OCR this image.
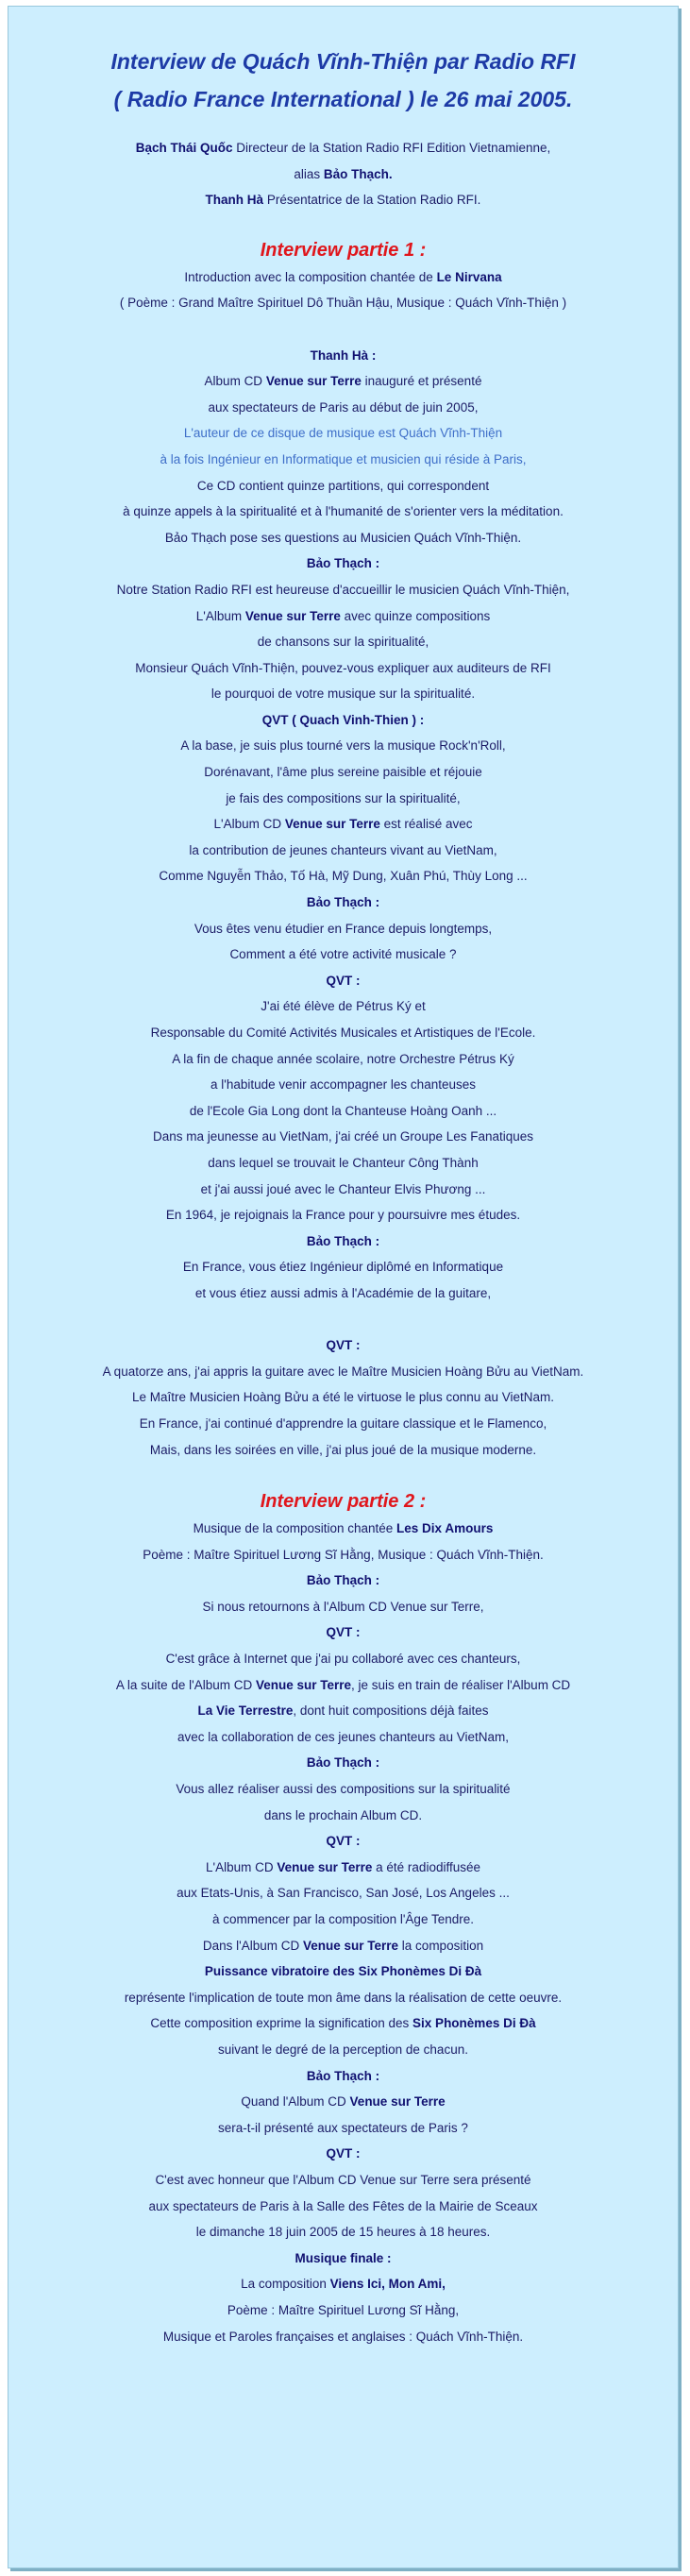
Interview de Quách Vĩnh-Thiện par Radio RFI
( Radio France International ) le 26 mai 2005.

Bạch Thái Quốc Directeur de la Station Radio RFI Edition Vietnamienne,

alias Bảo Thạch.

Thanh Hà Présentatrice de la Station Radio RFI.

Interview partie 1 :

Introduction avec la composition chantée de Le Nirvana

( Poème : Grand Maître Spirituel Dô Thuần Hậu, Musique : Quách Vĩnh-Thiện )

Thanh Hà :

Album CD Venue sur Terre inauguré et présenté

aux spectateurs de Paris au début de juin 2005,

L'auteur de ce disque de musique est Quách Vĩnh-Thiện

à la fois Ingénieur en Informatique et musicien qui réside à Paris,

Ce CD contient quinze partitions, qui correspondent

à quinze appels à la spiritualité et à l'humanité de s'orienter vers la méditation.

Bảo Thạch pose ses questions au Musicien Quách Vĩnh-Thiện.

Bảo Thạch :

Notre Station Radio RFI est heureuse d'accueillir le musicien Quách Vĩnh-Thiện,

L'Album Venue sur Terre avec quinze compositions

de chansons sur la spiritualité,

Monsieur Quách Vĩnh-Thiện, pouvez-vous expliquer aux auditeurs de RFI

le pourquoi de votre musique sur la spiritualité.

QVT ( Quach Vinh-Thien ) :

A la base, je suis plus tourné vers la musique Rock'n'Roll,

Dorénavant, l'âme plus sereine paisible et réjouie

je fais des compositions sur la spiritualité,

L'Album CD Venue sur Terre est réalisé avec

la contribution de jeunes chanteurs vivant au VietNam,

Comme Nguyễn Thảo, Tố Hà, Mỹ Dung, Xuân Phú, Thùy Long ...

Bảo Thạch :

Vous êtes venu étudier en France depuis longtemps,

Comment a été votre activité musicale ?

QVT :

J'ai été élève de Pétrus Ký et

Responsable du Comité Activités Musicales et Artistiques de l'Ecole.

A la fin de chaque année scolaire, notre Orchestre Pétrus Ký

a l'habitude venir accompagner les chanteuses

de l'Ecole Gia Long dont la Chanteuse Hoàng Oanh ...

Dans ma jeunesse au VietNam, j'ai créé un Groupe Les Fanatiques

dans lequel se trouvait le Chanteur Công Thành

et j'ai aussi joué avec le Chanteur Elvis Phương ...

En 1964, je rejoignais la France pour y poursuivre mes études.

Bảo Thạch :

En France, vous étiez Ingénieur diplômé en Informatique

et vous étiez aussi admis à l'Académie de la guitare,

QVT :

A quatorze ans, j'ai appris la guitare avec le Maître Musicien Hoàng Bửu au VietNam.

Le Maître Musicien Hoàng Bửu a été le virtuose le plus connu au VietNam.

En France, j'ai continué d'apprendre la guitare classique et le Flamenco,

Mais, dans les soirées en ville, j'ai plus joué de la musique moderne.

Interview partie 2 :

Musique de la composition chantée Les Dix Amours

Poème : Maître Spirituel Lương Sĩ Hằng, Musique : Quách Vĩnh-Thiện.

Bảo Thạch :

Si nous retournons à l'Album CD Venue sur Terre,

QVT :

C'est grâce à Internet que j'ai pu collaboré avec ces chanteurs,

A la suite de l'Album CD Venue sur Terre, je suis en train de réaliser l'Album CD

La Vie Terrestre, dont huit compositions déjà faites

avec la collaboration de ces jeunes chanteurs au VietNam,

Bảo Thạch :

Vous allez réaliser aussi des compositions sur la spiritualité

dans le prochain Album CD.

QVT :

L'Album CD Venue sur Terre a été radiodiffusée

aux Etats-Unis, à San Francisco, San José, Los Angeles ...

à commencer par la composition l'Âge Tendre.

Dans l'Album CD Venue sur Terre la composition

Puissance vibratoire des Six Phonèmes Di Đà

représente l'implication de toute mon âme dans la réalisation de cette oeuvre.

Cette composition exprime la signification des Six Phonèmes Di Đà

suivant le degré de la perception de chacun.

Bảo Thạch :

Quand l'Album CD Venue sur Terre

sera-t-il présenté aux spectateurs de Paris ?

QVT :

C'est avec honneur que l'Album CD Venue sur Terre sera présenté

aux spectateurs de Paris à la Salle des Fêtes de la Mairie de Sceaux

le dimanche 18 juin 2005 de 15 heures à 18 heures.

Musique finale :

La composition Viens Ici, Mon Ami,

Poème : Maître Spirituel Lương Sĩ Hằng,

Musique et Paroles françaises et anglaises : Quách Vĩnh-Thiện.
